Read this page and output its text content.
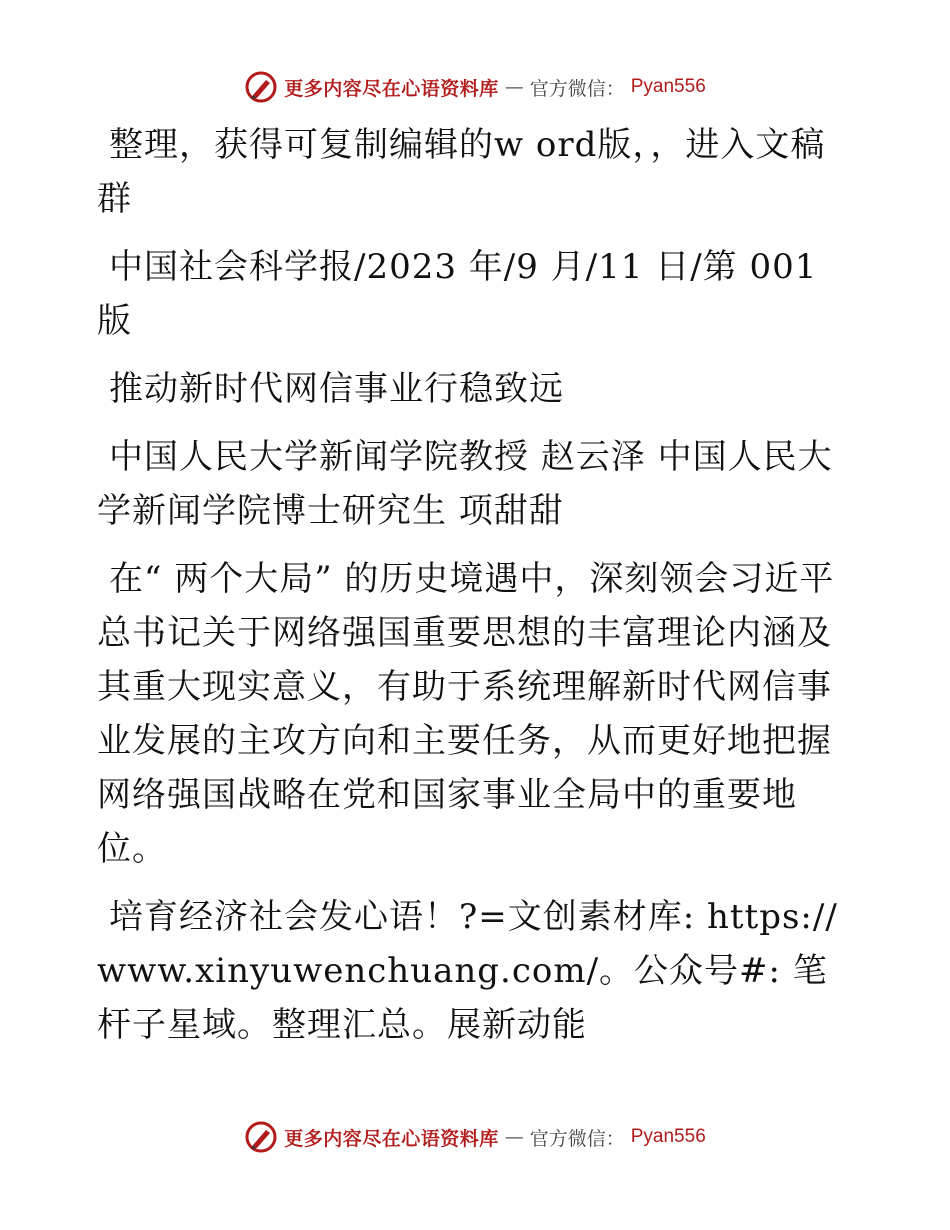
更多内容尽在心语资料库 — 官方微信： Pyan556

整理，获得可复制编辑的w ord版，，进入文稿群

中国社会科学报/2023 年/9 月/11 日/第 001 版

推动新时代网信事业行稳致远

中国人民大学新闻学院教授 赵云泽 中国人民大学新闻学院博士研究生 项甜甜

在“ 两个大局” 的历史境遇中，深刻领会习近平总书记关于网络强国重要思想的丰富理论内涵及其重大现实意义，有助于系统理解新时代网信事业发展的主攻方向和主要任务，从而更好地把握网络强国战略在党和国家事业全局中的重要地位。

培育经济社会发心语！?=文创素材库: https://www.xinyuwenchuang.com/。公众号#: 笔杆子星域。整理汇总。展新动能

更多内容尽在心语资料库 — 官方微信： Pyan556
